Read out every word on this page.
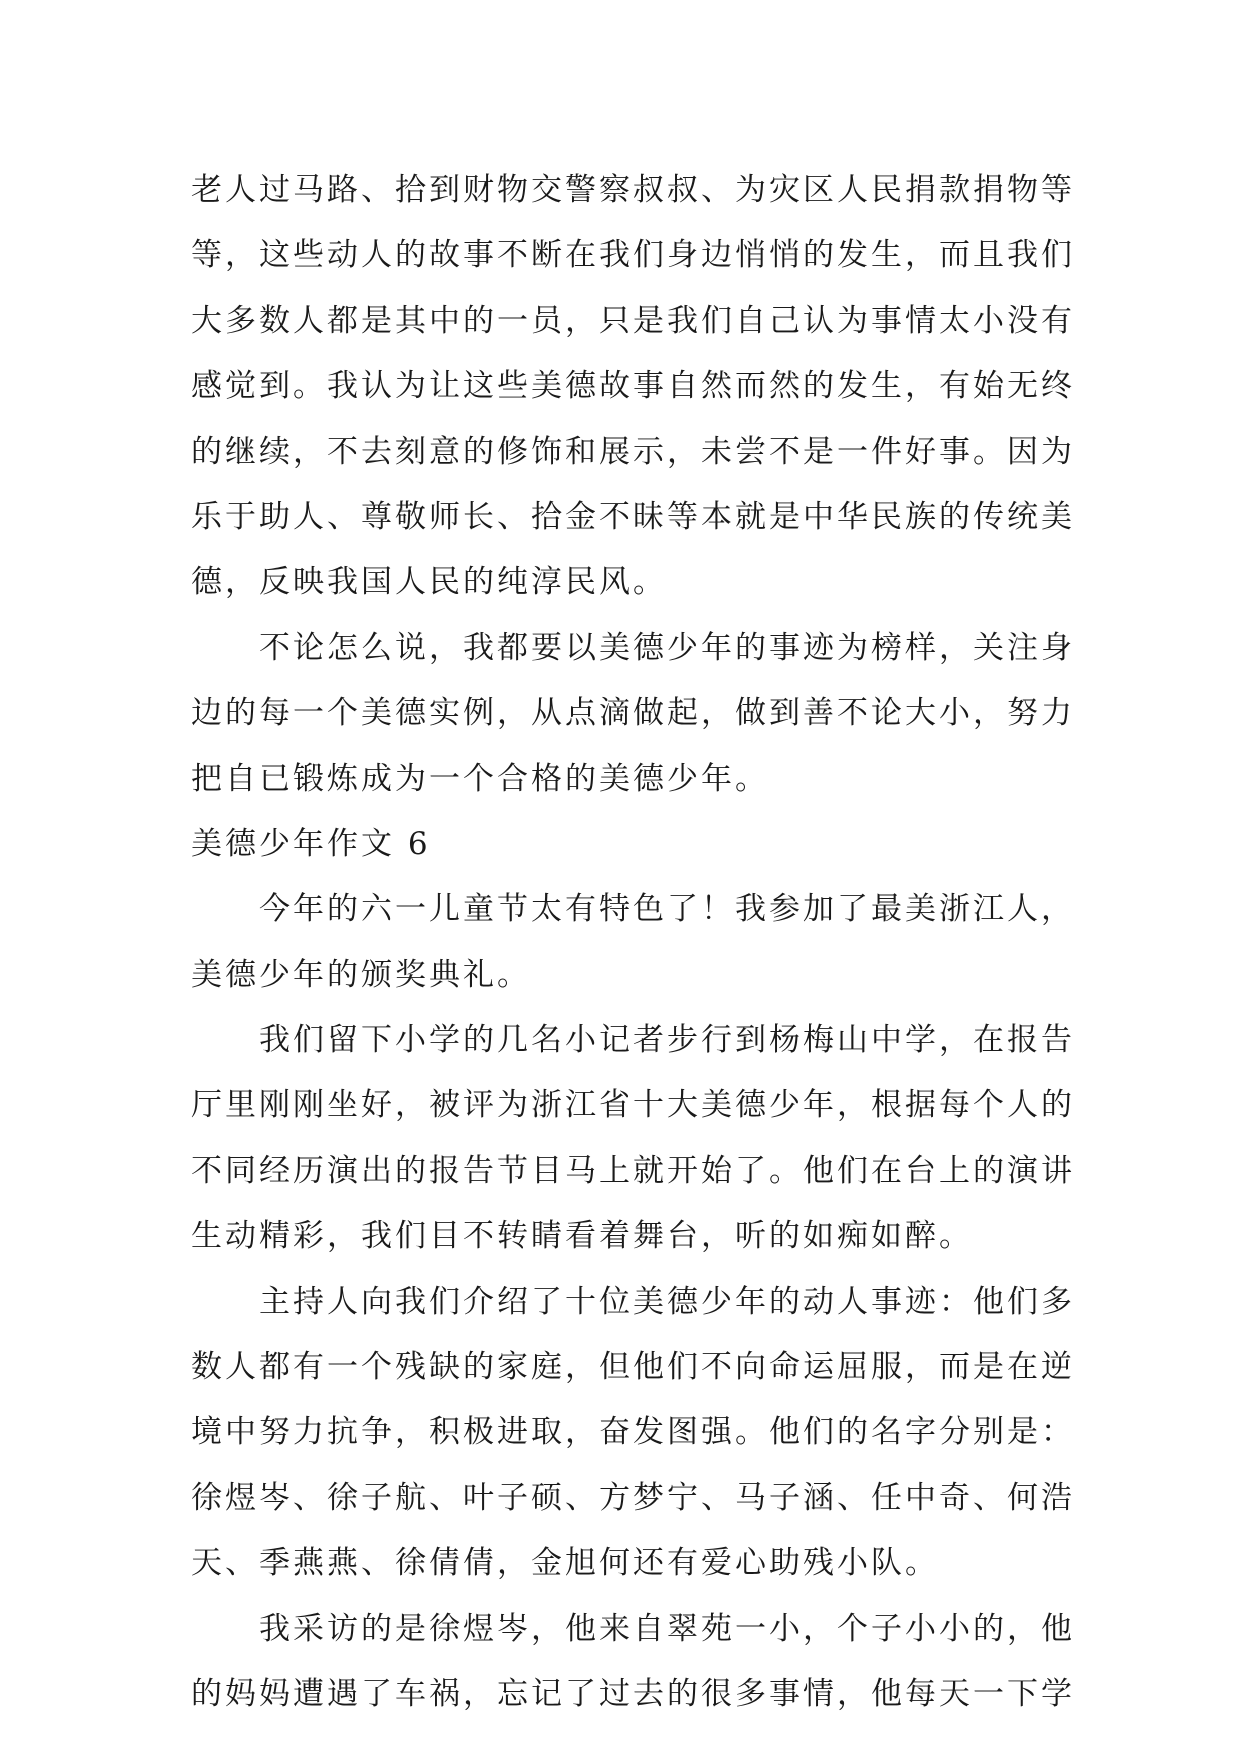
老人过马路、拾到财物交警察叔叔、为灾区人民捐款捐物等
等，这些动人的故事不断在我们身边悄悄的发生，而且我们
大多数人都是其中的一员，只是我们自己认为事情太小没有
感觉到。我认为让这些美德故事自然而然的发生，有始无终
的继续，不去刻意的修饰和展示，未尝不是一件好事。因为
乐于助人、尊敬师长、拾金不昧等本就是中华民族的传统美
德，反映我国人民的纯淳民风。
不论怎么说，我都要以美德少年的事迹为榜样，关注身
边的每一个美德实例，从点滴做起，做到善不论大小，努力
把自已锻炼成为一个合格的美德少年。
美德少年作文 6
今年的六一儿童节太有特色了！我参加了最美浙江人，
美德少年的颁奖典礼。
我们留下小学的几名小记者步行到杨梅山中学，在报告
厅里刚刚坐好，被评为浙江省十大美德少年，根据每个人的
不同经历演出的报告节目马上就开始了。他们在台上的演讲
生动精彩，我们目不转睛看着舞台，听的如痴如醉。
主持人向我们介绍了十位美德少年的动人事迹：他们多
数人都有一个残缺的家庭，但他们不向命运屈服，而是在逆
境中努力抗争，积极进取，奋发图强。他们的名字分别是：
徐煜岑、徐子航、叶子硕、方梦宁、马子涵、任中奇、何浩
天、季燕燕、徐倩倩，金旭何还有爱心助残小队。
我采访的是徐煜岑，他来自翠苑一小，个子小小的，他
的妈妈遭遇了车祸，忘记了过去的很多事情，他每天一下学
